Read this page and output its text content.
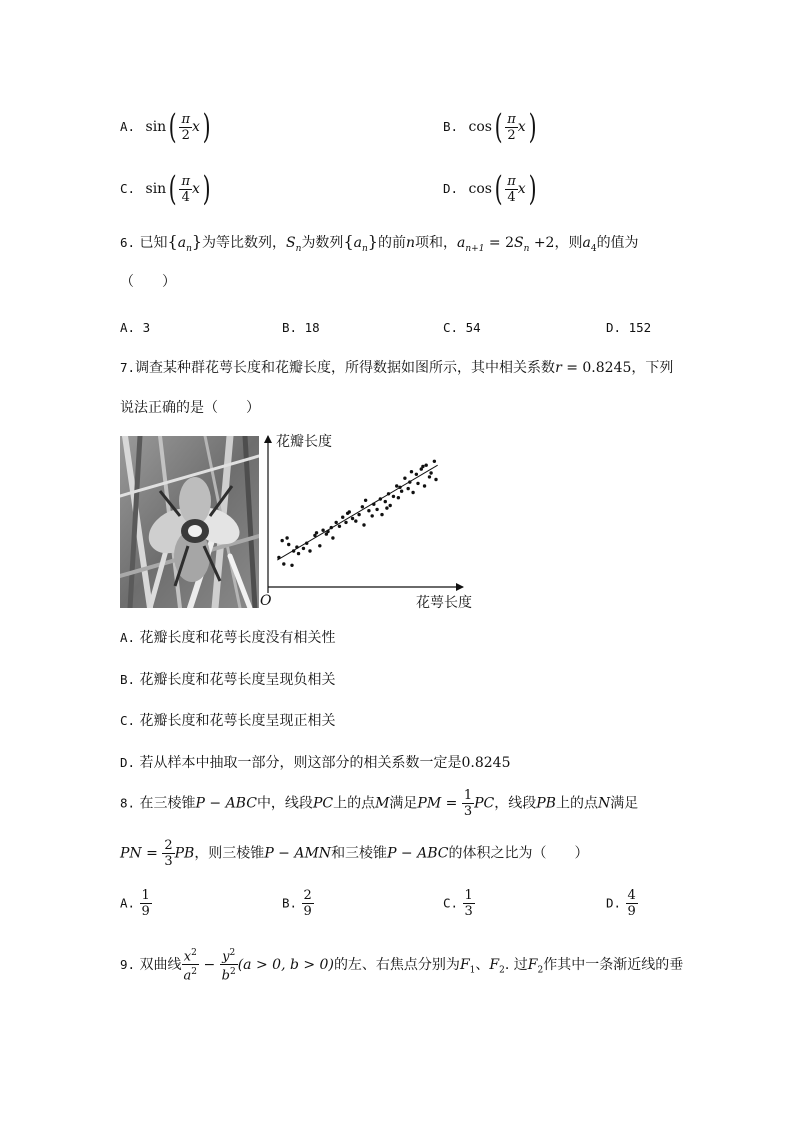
A. $\sin( \frac{\pi}{2} x)$	B. $\cos( \frac{\pi}{2} x)$
C. $\sin( \frac{\pi}{4} x)$	D. $\cos( \frac{\pi}{4} x)$
6. 已知$\{a_n\}$为等比数列，$S_n$为数列$\{a_n\}$的前n项和，$a_{n+1} = 2S_n +2$，则$a_4$的值为
（　　）
A. 3	B. 18	C. 54	D. 152
7.调查某种群花萼长度和花瓣长度，所得数据如图所示，其中相关系数r = 0.8245，下列
说法正确的是（　　）
花瓣长度
花萼长度
O
A. 花瓣长度和花萼长度没有相关性
B. 花瓣长度和花萼长度呈现负相关
C. 花瓣长度和花萼长度呈现正相关
D. 若从样本中抽取一部分，则这部分的相关系数一定是0.8245
8. 在三棱锥P − ABC中，线段PC上的点M满足PM = $\frac{1}{3}$ PC，线段PB上的点N满足
PN = $\frac{2}{3}$ PB，则三棱锥P − AMN和三棱锥P − ABC的体积之比为（　　）
A. $\frac{1}{9}$	B. $\frac{2}{9}$	C. $\frac{1}{3}$	D. $\frac{4}{9}$
9. 双曲线 $\frac{x^2}{a^2} - \frac{y^2}{b^2} (a > 0$, b > 0)的左、右焦点分别为$F_1$、$F_2$. 过$F_2$作其中一条渐近线的垂
